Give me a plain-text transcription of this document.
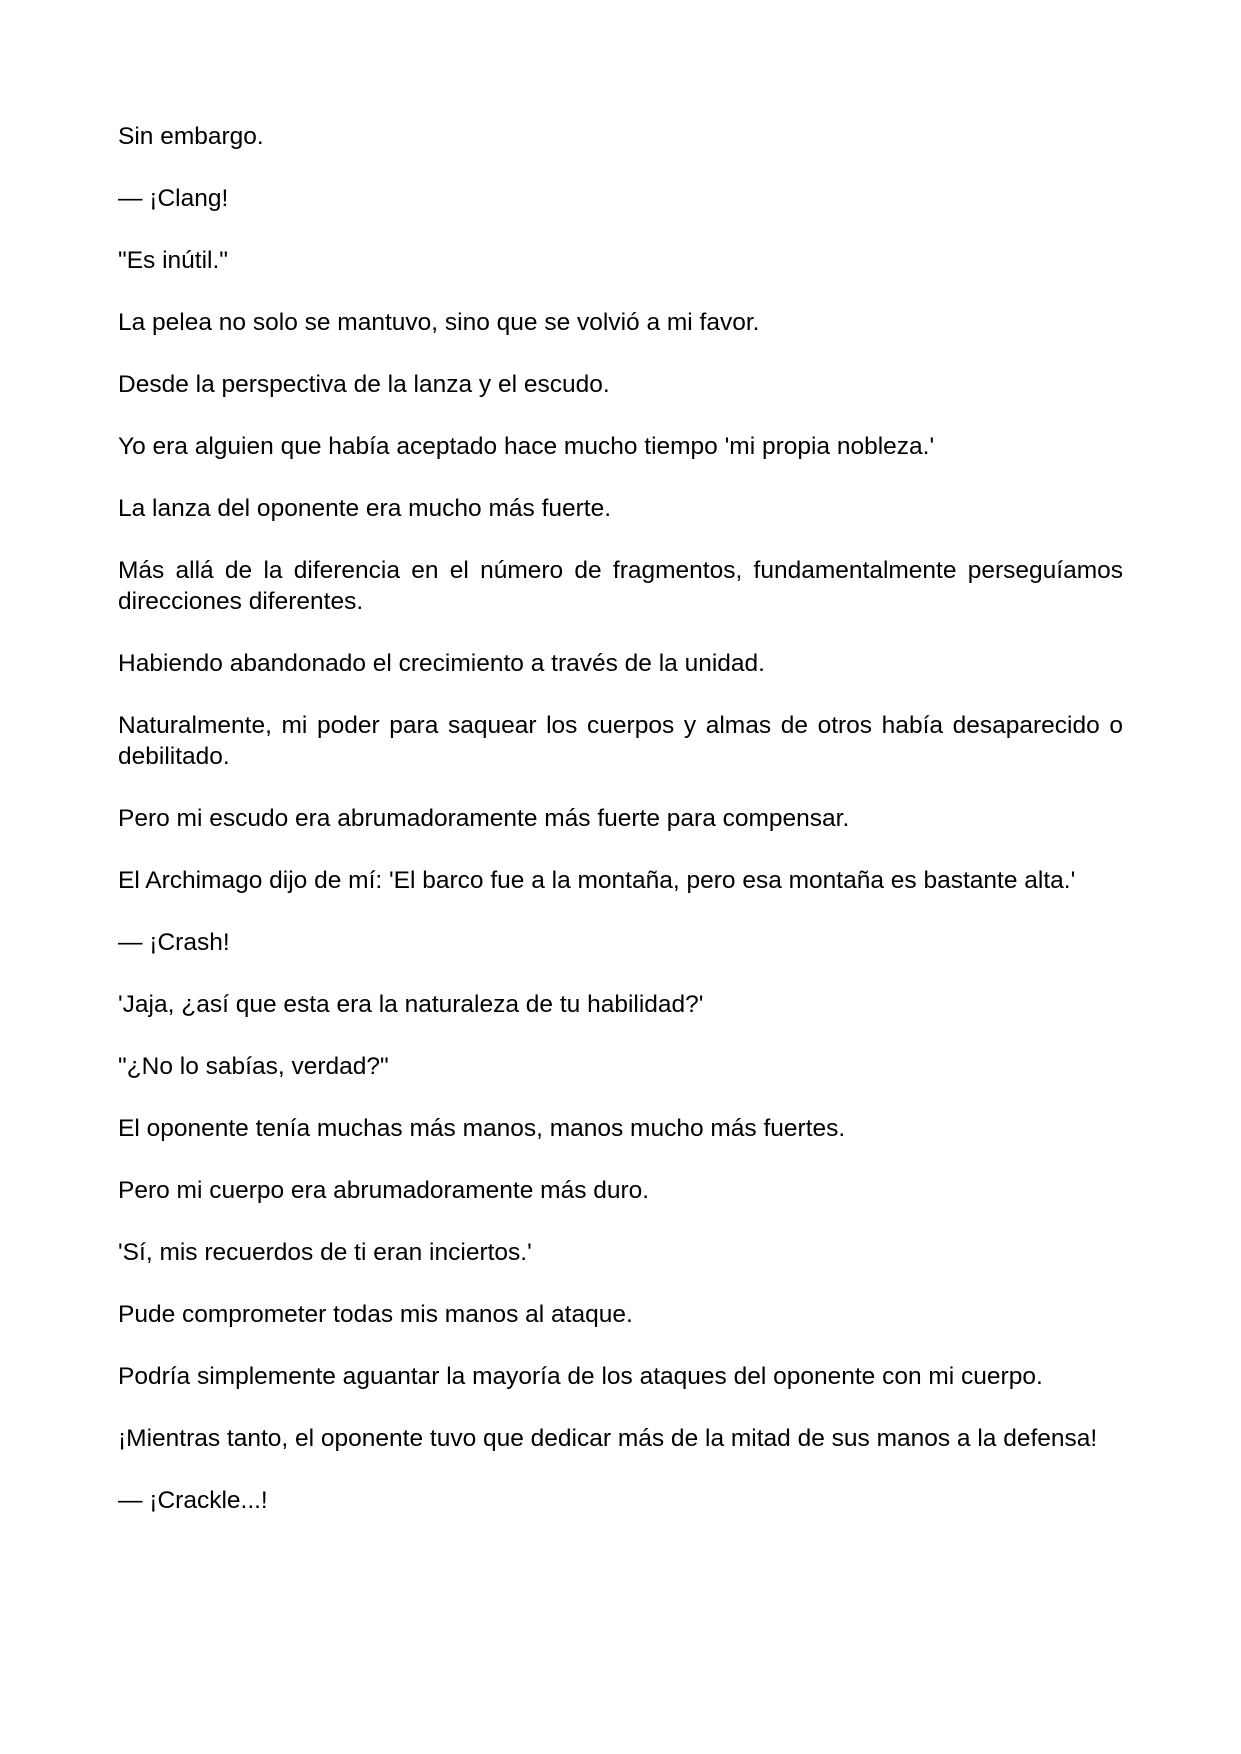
Sin embargo.

— ¡Clang!

"Es inútil."

La pelea no solo se mantuvo, sino que se volvió a mi favor.

Desde la perspectiva de la lanza y el escudo.

Yo era alguien que había aceptado hace mucho tiempo 'mi propia nobleza.'

La lanza del oponente era mucho más fuerte.

Más allá de la diferencia en el número de fragmentos, fundamentalmente perseguíamos direcciones diferentes.

Habiendo abandonado el crecimiento a través de la unidad.

Naturalmente, mi poder para saquear los cuerpos y almas de otros había desaparecido o debilitado.

Pero mi escudo era abrumadoramente más fuerte para compensar.

El Archimago dijo de mí: 'El barco fue a la montaña, pero esa montaña es bastante alta.'

— ¡Crash!

'Jaja, ¿así que esta era la naturaleza de tu habilidad?'

"¿No lo sabías, verdad?"

El oponente tenía muchas más manos, manos mucho más fuertes.

Pero mi cuerpo era abrumadoramente más duro.

'Sí, mis recuerdos de ti eran inciertos.'

Pude comprometer todas mis manos al ataque.

Podría simplemente aguantar la mayoría de los ataques del oponente con mi cuerpo.

¡Mientras tanto, el oponente tuvo que dedicar más de la mitad de sus manos a la defensa!

— ¡Crackle...!
